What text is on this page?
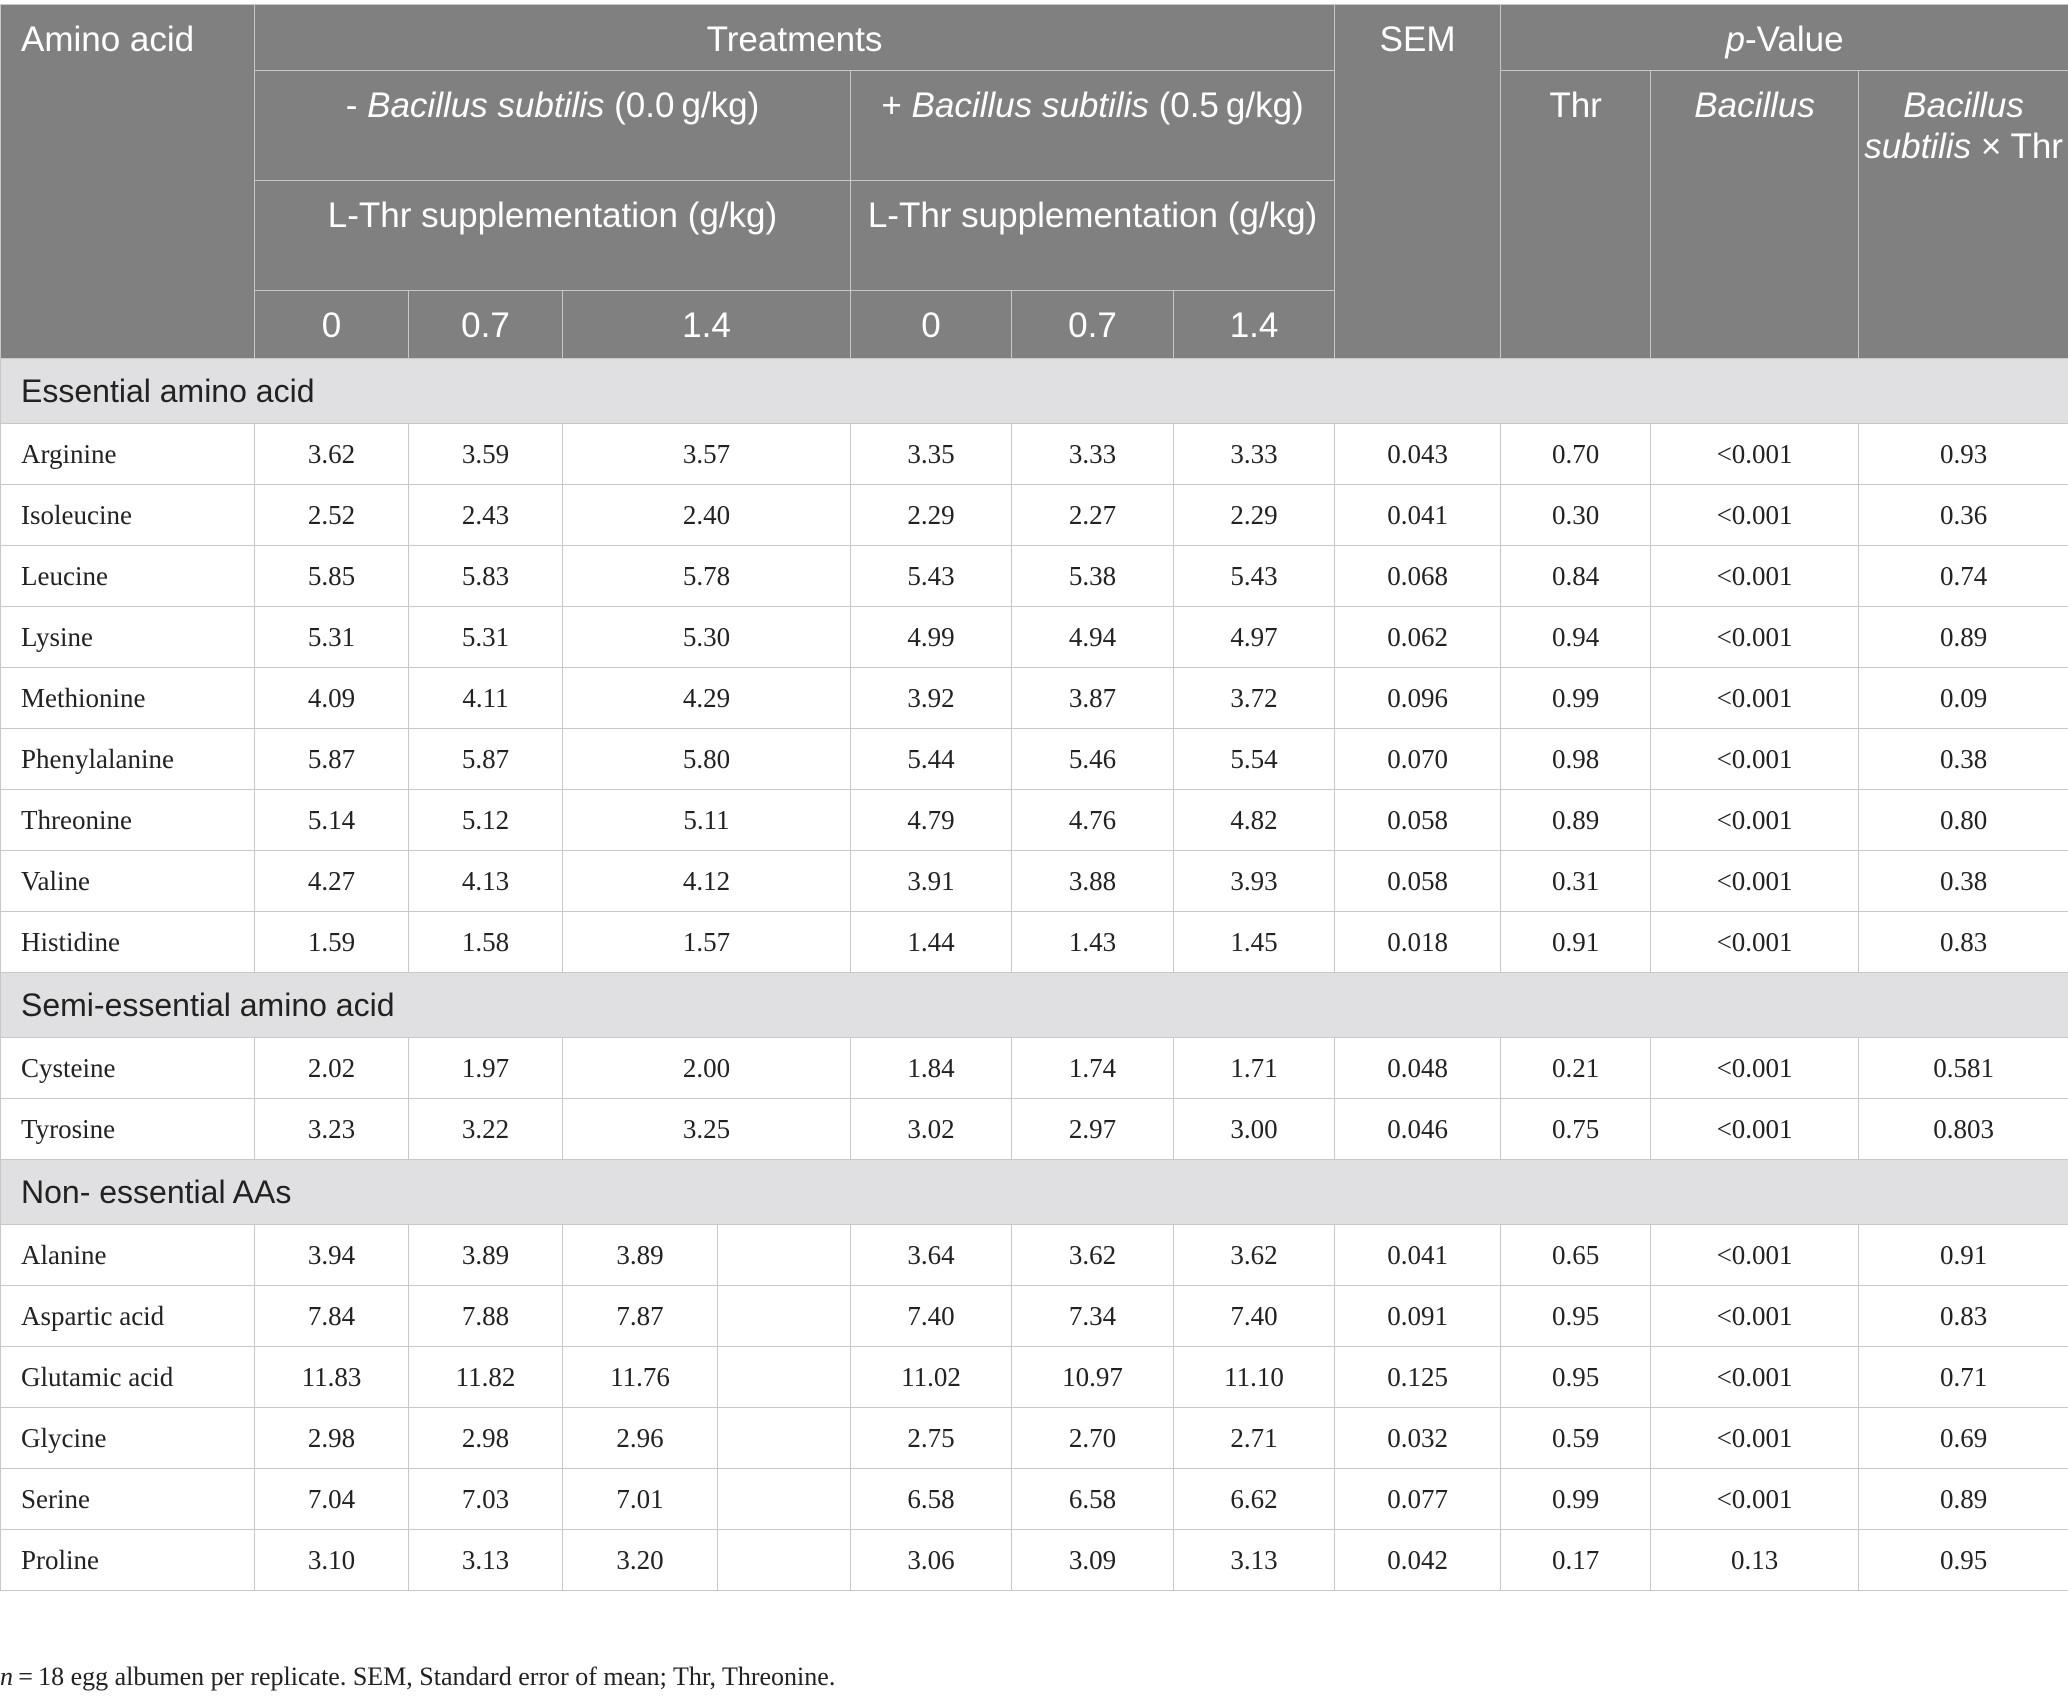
Amino acid	Treatments							SEM	p-Value		
	- Bacillus subtilis (0.0 g/kg)				+ Bacillus subtilis (0.5 g/kg)				Thr	Bacillus	Bacillus subtilis × Thr
	L-Thr supplementation (g/kg)				L-Thr supplementation (g/kg)						
	0	0.7	1.4		0	0.7	1.4				
Essential amino acid											
Arginine	3.62	3.59	3.57		3.35	3.33	3.33	0.043	0.70	<0.001	0.93
Isoleucine	2.52	2.43	2.40		2.29	2.27	2.29	0.041	0.30	<0.001	0.36
Leucine	5.85	5.83	5.78		5.43	5.38	5.43	0.068	0.84	<0.001	0.74
Lysine	5.31	5.31	5.30		4.99	4.94	4.97	0.062	0.94	<0.001	0.89
Methionine	4.09	4.11	4.29		3.92	3.87	3.72	0.096	0.99	<0.001	0.09
Phenylalanine	5.87	5.87	5.80		5.44	5.46	5.54	0.070	0.98	<0.001	0.38
Threonine	5.14	5.12	5.11		4.79	4.76	4.82	0.058	0.89	<0.001	0.80
Valine	4.27	4.13	4.12		3.91	3.88	3.93	0.058	0.31	<0.001	0.38
Histidine	1.59	1.58	1.57		1.44	1.43	1.45	0.018	0.91	<0.001	0.83
Semi-essential amino acid											
Cysteine	2.02	1.97	2.00		1.84	1.74	1.71	0.048	0.21	<0.001	0.581
Tyrosine	3.23	3.22	3.25		3.02	2.97	3.00	0.046	0.75	<0.001	0.803
Non- essential AAs											
Alanine	3.94	3.89	3.89		3.64	3.62	3.62	0.041	0.65	<0.001	0.91
Aspartic acid	7.84	7.88	7.87		7.40	7.34	7.40	0.091	0.95	<0.001	0.83
Glutamic acid	11.83	11.82	11.76		11.02	10.97	11.10	0.125	0.95	<0.001	0.71
Glycine	2.98	2.98	2.96		2.75	2.70	2.71	0.032	0.59	<0.001	0.69
Serine	7.04	7.03	7.01		6.58	6.58	6.62	0.077	0.99	<0.001	0.89
Proline	3.10	3.13	3.20		3.06	3.09	3.13	0.042	0.17	0.13	0.95
n = 18 egg albumen per replicate. SEM, Standard error of mean; Thr, Threonine.
